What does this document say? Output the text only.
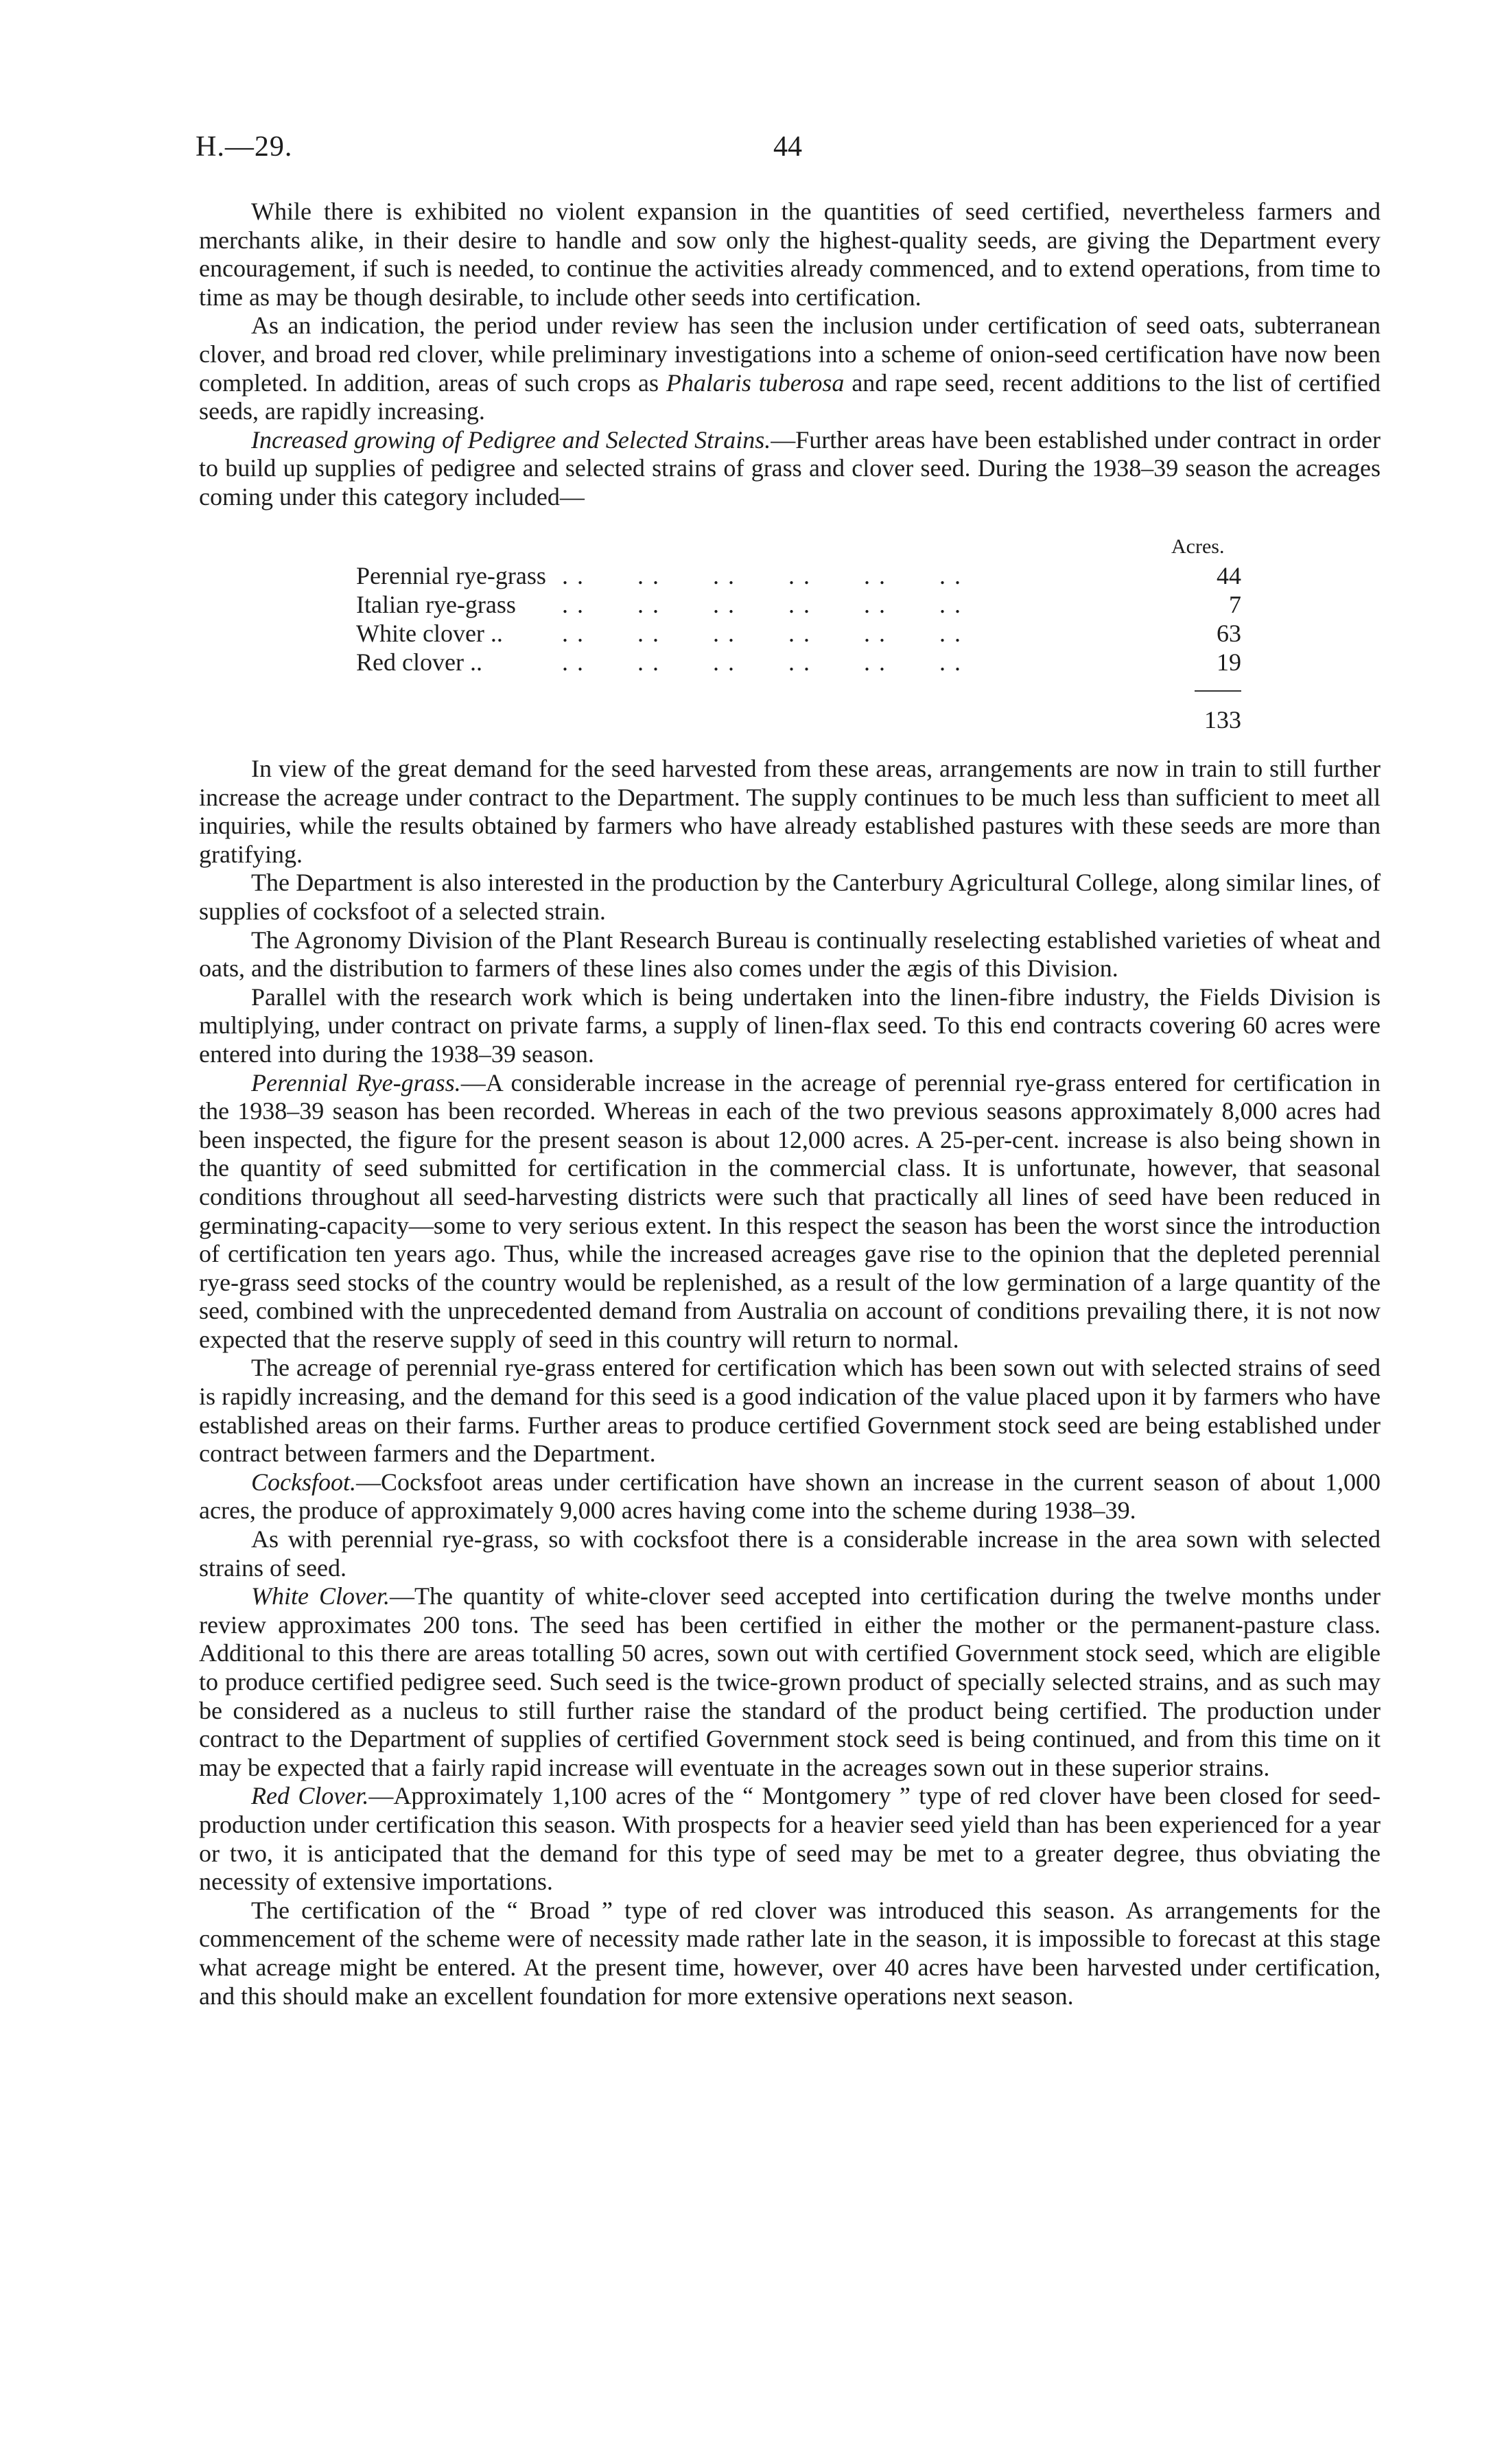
H.—29.	44

While there is exhibited no violent expansion in the quantities of seed certified, nevertheless farmers and merchants alike, in their desire to handle and sow only the highest-quality seeds, are giving the Department every encouragement, if such is needed, to continue the activities already commenced, and to extend operations, from time to time as may be though desirable, to include other seeds into certification.

As an indication, the period under review has seen the inclusion under certification of seed oats, subterranean clover, and broad red clover, while preliminary investigations into a scheme of onion-seed certification have now been completed. In addition, areas of such crops as Phalaris tuberosa and rape seed, recent additions to the list of certified seeds, are rapidly increasing.

Increased growing of Pedigree and Selected Strains.—Further areas have been established under contract in order to build up supplies of pedigree and selected strains of grass and clover seed. During the 1938–39 season the acreages coming under this category included—

Acres.
Perennial rye-grass . .       . .       . .       . .       . .       . .	44
Italian rye-grass . .       . .       . .       . .       . .       . .	7
White clover .. . .       . .       . .       . .       . .       . .	63
Red clover ..	. .       . .       . .       . .       . .       . .	19
133

In view of the great demand for the seed harvested from these areas, arrangements are now in train to still further increase the acreage under contract to the Department. The supply continues to be much less than sufficient to meet all inquiries, while the results obtained by farmers who have already established pastures with these seeds are more than gratifying.

The Department is also interested in the production by the Canterbury Agricultural College, along similar lines, of supplies of cocksfoot of a selected strain.

The Agronomy Division of the Plant Research Bureau is continually reselecting established varieties of wheat and oats, and the distribution to farmers of these lines also comes under the ægis of this Division.

Parallel with the research work which is being undertaken into the linen-fibre industry, the Fields Division is multiplying, under contract on private farms, a supply of linen-flax seed. To this end contracts covering 60 acres were entered into during the 1938–39 season.

Perennial Rye-grass.—A considerable increase in the acreage of perennial rye-grass entered for certification in the 1938–39 season has been recorded. Whereas in each of the two previous seasons approximately 8,000 acres had been inspected, the figure for the present season is about 12,000 acres. A 25-per-cent. increase is also being shown in the quantity of seed submitted for certification in the commercial class. It is unfortunate, however, that seasonal conditions throughout all seed-harvesting districts were such that practically all lines of seed have been reduced in germinating-capacity—some to very serious extent. In this respect the season has been the worst since the introduction of certification ten years ago. Thus, while the increased acreages gave rise to the opinion that the depleted perennial rye-grass seed stocks of the country would be replenished, as a result of the low germination of a large quantity of the seed, combined with the unprecedented demand from Australia on account of conditions prevailing there, it is not now expected that the reserve supply of seed in this country will return to normal.

The acreage of perennial rye-grass entered for certification which has been sown out with selected strains of seed is rapidly increasing, and the demand for this seed is a good indication of the value placed upon it by farmers who have established areas on their farms. Further areas to produce certified Government stock seed are being established under contract between farmers and the Department.

Cocksfoot.—Cocksfoot areas under certification have shown an increase in the current season of about 1,000 acres, the produce of approximately 9,000 acres having come into the scheme during 1938–39.

As with perennial rye-grass, so with cocksfoot there is a considerable increase in the area sown with selected strains of seed.

White Clover.—The quantity of white-clover seed accepted into certification during the twelve months under review approximates 200 tons. The seed has been certified in either the mother or the permanent-pasture class. Additional to this there are areas totalling 50 acres, sown out with certified Government stock seed, which are eligible to produce certified pedigree seed. Such seed is the twice-grown product of specially selected strains, and as such may be considered as a nucleus to still further raise the standard of the product being certified. The production under contract to the Department of supplies of certified Government stock seed is being continued, and from this time on it may be expected that a fairly rapid increase will eventuate in the acreages sown out in these superior strains.

Red Clover.—Approximately 1,100 acres of the “ Montgomery ” type of red clover have been closed for seed-production under certification this season. With prospects for a heavier seed yield than has been experienced for a year or two, it is anticipated that the demand for this type of seed may be met to a greater degree, thus obviating the necessity of extensive importations.

The certification of the “ Broad ” type of red clover was introduced this season. As arrangements for the commencement of the scheme were of necessity made rather late in the season, it is impossible to forecast at this stage what acreage might be entered. At the present time, however, over 40 acres have been harvested under certification, and this should make an excellent foundation for more extensive operations next season.
